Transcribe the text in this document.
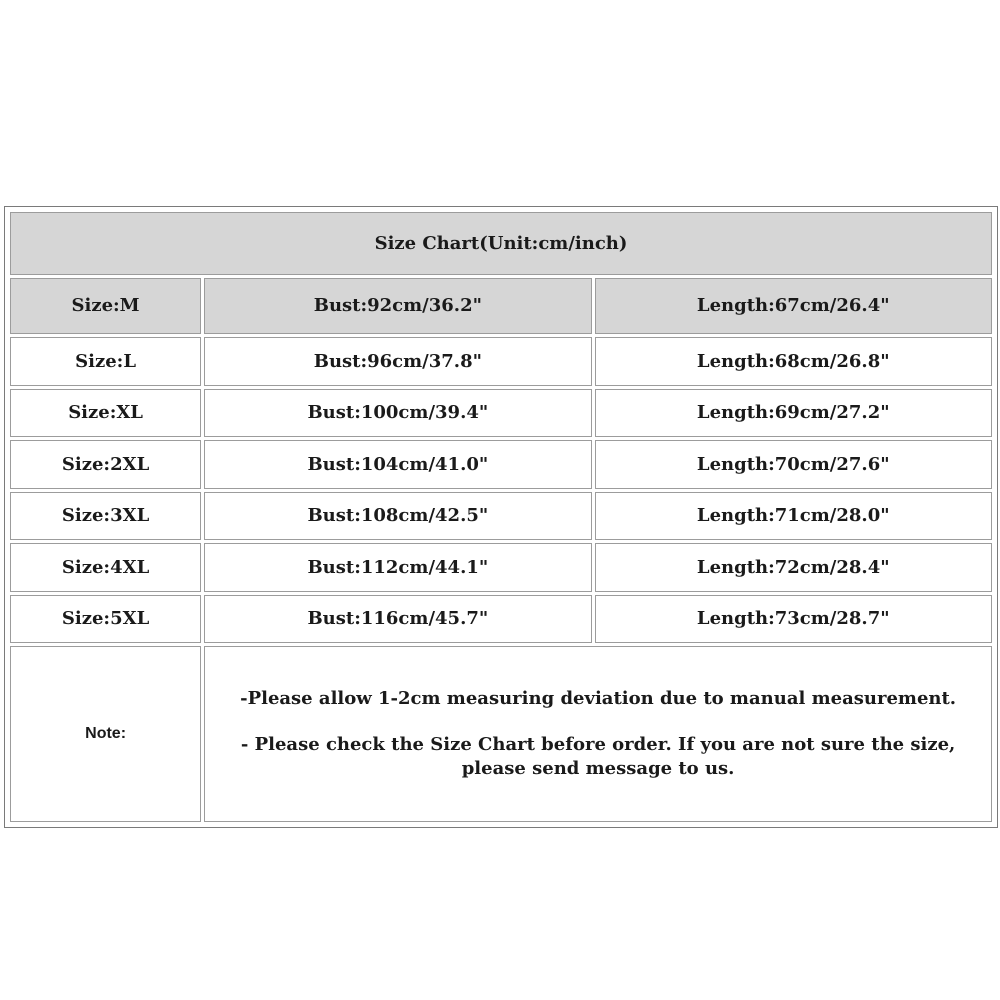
Size Chart(Unit:cm/inch)		
Size:M	Bust:92cm/36.2"	Length:67cm/26.4"
Size:L	Bust:96cm/37.8"	Length:68cm/26.8"
Size:XL	Bust:100cm/39.4"	Length:69cm/27.2"
Size:2XL	Bust:104cm/41.0"	Length:70cm/27.6"
Size:3XL	Bust:108cm/42.5"	Length:71cm/28.0"
Size:4XL	Bust:112cm/44.1"	Length:72cm/28.4"
Size:5XL	Bust:116cm/45.7"	Length:73cm/28.7"
Note:	-Please allow 1-2cm measuring deviation due to manual measurement.
- Please check the Size Chart before order. If you are not sure the size, please send message to us.	
